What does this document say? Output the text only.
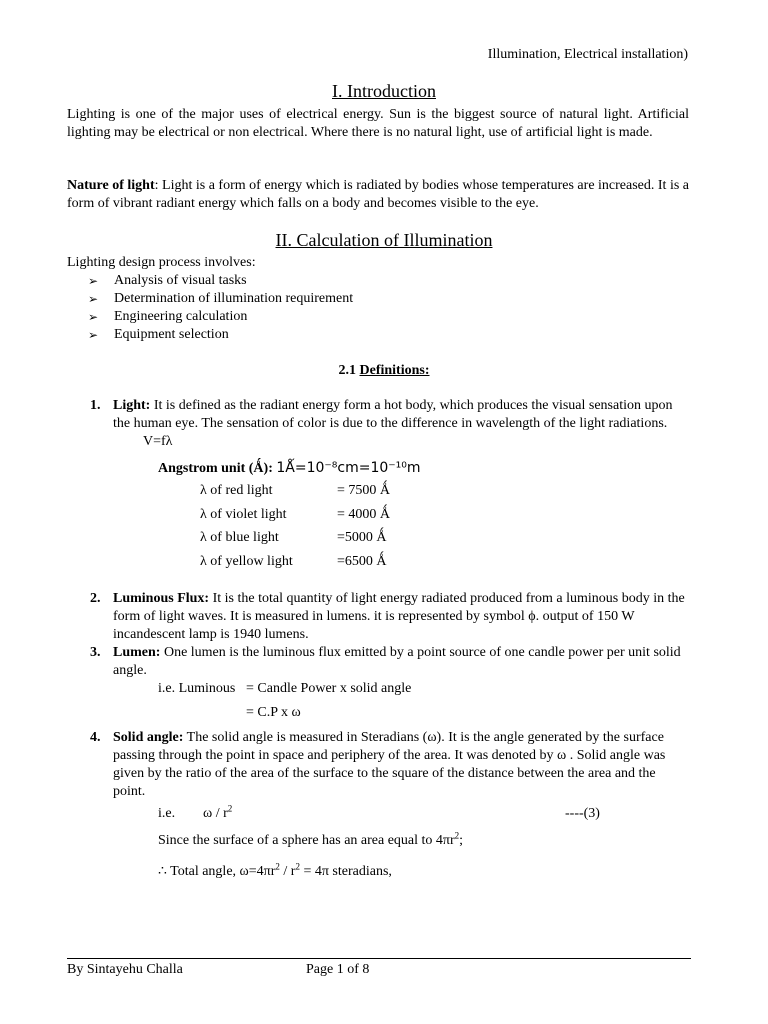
Illumination, Electrical installation)
I. Introduction
Lighting is one of the major uses of electrical energy. Sun is the biggest source of natural light. Artificial lighting may be electrical or non electrical. Where there is no natural light, use of artificial light is made.
Nature of light: Light is a form of energy which is radiated by bodies whose temperatures are increased. It is a form of vibrant radiant energy which falls on a body and becomes visible to the eye.
II. Calculation of Illumination
Lighting design process involves:
➢ Analysis of visual tasks
➢ Determination of illumination requirement
➢ Engineering calculation
➢ Equipment selection
2.1 Definitions:
1. Light: It is defined as the radiant energy form a hot body, which produces the visual sensation upon the human eye. The sensation of color is due to the difference in wavelength of the light radiations.V=fλ
Angstrom unit (Ǻ): 1Ǻ=10⁻⁸cm=10⁻¹⁰m
λ of red light	= 7500 Ǻ
λ of violet light	= 4000 Ǻ
λ of blue light	=5000 Ǻ
λ of yellow light	=6500 Ǻ
2. Luminous Flux: It is the total quantity of light energy radiated produced from a luminous body in the form of light waves. It is measured in lumens. it is represented by symbol ϕ. output of 150 W incandescent lamp is 1940 lumens.
3. Lumen: One lumen is the luminous flux emitted by a point source of one candle power per unit solid angle.
i.e. Luminous = Candle Power x solid angle
= C.P x ω
4. Solid angle: The solid angle is measured in Steradians (ω). It is the angle generated by the surface passing through the point in space and periphery of the area. It was denoted by ω . Solid angle was given by the ratio of the area of the surface to the square of the distance between the area and the point.
i.e. ω / $r^2$	----(3)
Since the surface of a sphere has an area equal to $4\pi r^2$;
∴ Total angle, $\omega=4\pi r^2 / r^2 = 4\pi$ steradians,
By Sintayehu Challa	Page 1 of 8
